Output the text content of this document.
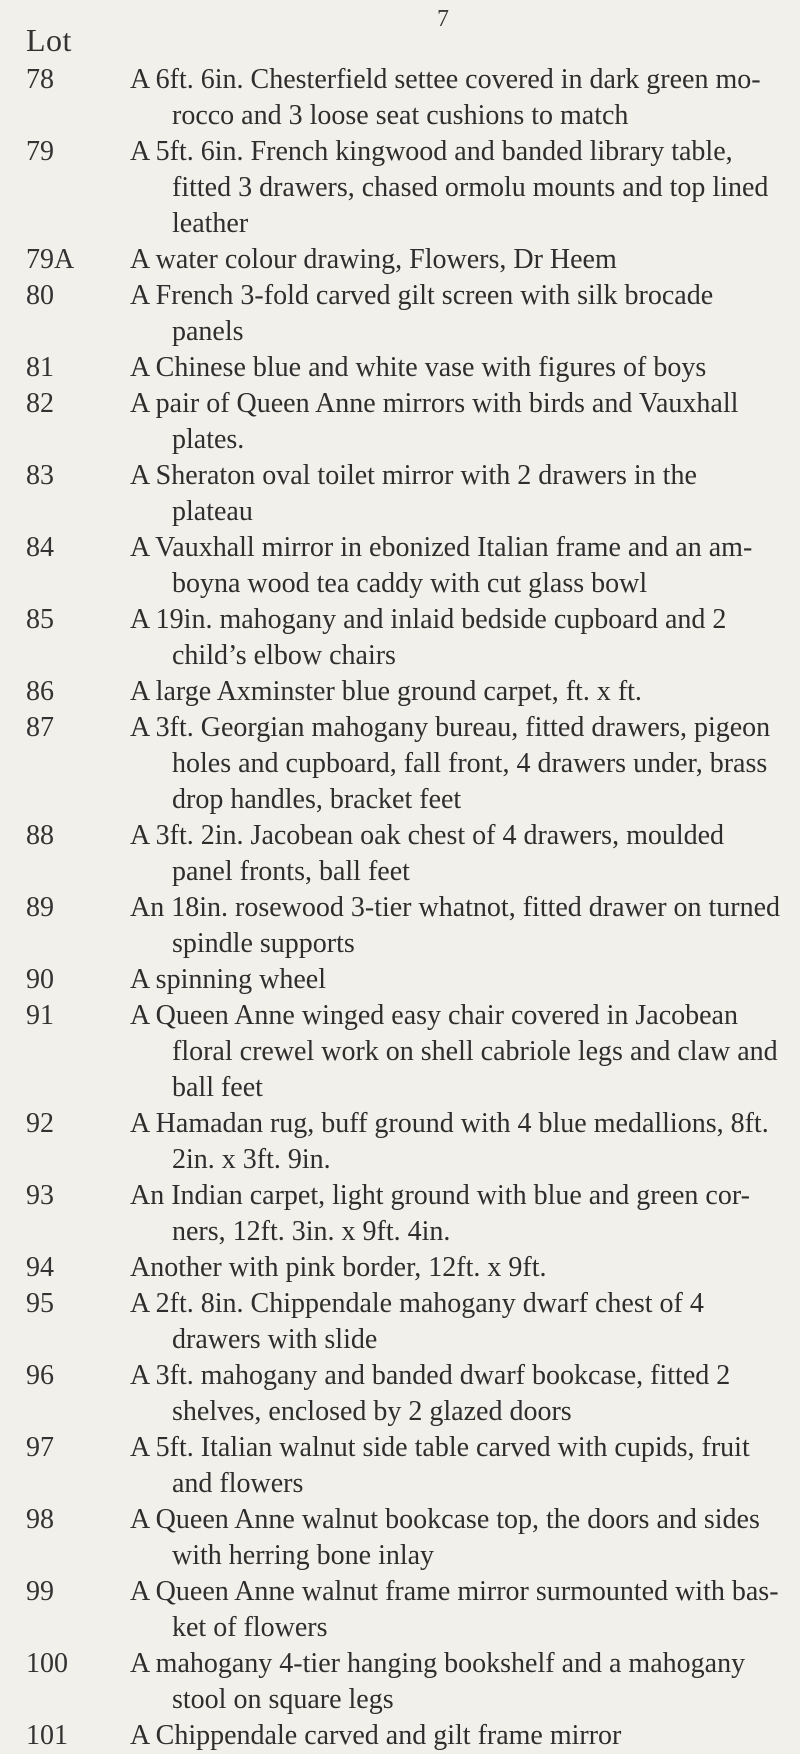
7
Lot
78	A 6ft. 6in. Chesterfield settee covered in dark green mo-rocco and 3 loose seat cushions to match
79	A 5ft. 6in. French kingwood and banded library table, fitted 3 drawers, chased ormolu mounts and top lined leather
79A	A water colour drawing, Flowers, Dr Heem
80	A French 3-fold carved gilt screen with silk brocade panels
81	A Chinese blue and white vase with figures of boys
82	A pair of Queen Anne mirrors with birds and Vauxhall plates.
83	A Sheraton oval toilet mirror with 2 drawers in the plateau
84	A Vauxhall mirror in ebonized Italian frame and an am-boyna wood tea caddy with cut glass bowl
85	A 19in. mahogany and inlaid bedside cupboard and 2 child’s elbow chairs
86	A large Axminster blue ground carpet, ft. x ft.
87	A 3ft. Georgian mahogany bureau, fitted drawers, pigeon holes and cupboard, fall front, 4 drawers under, brass drop handles, bracket feet
88	A 3ft. 2in. Jacobean oak chest of 4 drawers, moulded panel fronts, ball feet
89	An 18in. rosewood 3-tier whatnot, fitted drawer on turned spindle supports
90	A spinning wheel
91	A Queen Anne winged easy chair covered in Jacobean floral crewel work on shell cabriole legs and claw and ball feet
92	A Hamadan rug, buff ground with 4 blue medallions, 8ft. 2in. x 3ft. 9in.
93	An Indian carpet, light ground with blue and green cor-ners, 12ft. 3in. x 9ft. 4in.
94	Another with pink border, 12ft. x 9ft.
95	A 2ft. 8in. Chippendale mahogany dwarf chest of 4 drawers with slide
96	A 3ft. mahogany and banded dwarf bookcase, fitted 2 shelves, enclosed by 2 glazed doors
97	A 5ft. Italian walnut side table carved with cupids, fruit and flowers
98	A Queen Anne walnut bookcase top, the doors and sides with herring bone inlay
99	A Queen Anne walnut frame mirror surmounted with bas-ket of flowers
100	A mahogany 4-tier hanging bookshelf and a mahogany stool on square legs
101	A Chippendale carved and gilt frame mirror
